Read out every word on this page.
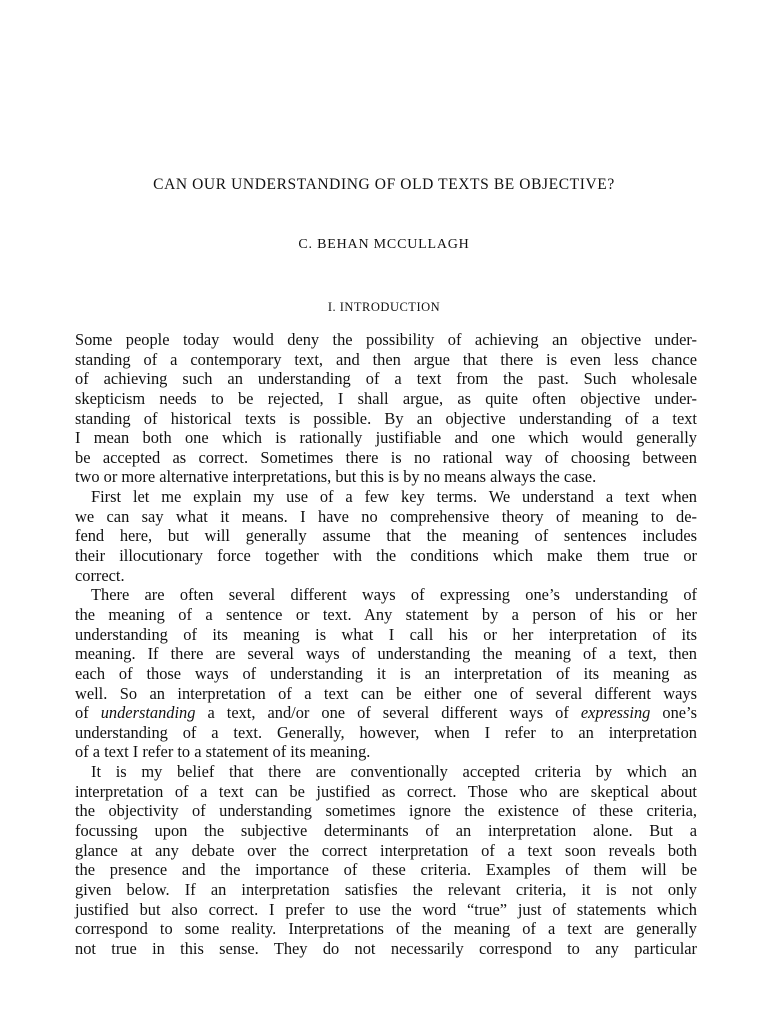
CAN OUR UNDERSTANDING OF OLD TEXTS BE OBJECTIVE?
C. BEHAN MCCULLAGH
I. INTRODUCTION
Some people today would deny the possibility of achieving an objective under-
standing of a contemporary text, and then argue that there is even less chance
of achieving such an understanding of a text from the past. Such wholesale
skepticism needs to be rejected, I shall argue, as quite often objective under-
standing of historical texts is possible. By an objective understanding of a text
I mean both one which is rationally justifiable and one which would generally
be accepted as correct. Sometimes there is no rational way of choosing between
two or more alternative interpretations, but this is by no means always the case.
First let me explain my use of a few key terms. We understand a text when
we can say what it means. I have no comprehensive theory of meaning to de-
fend here, but will generally assume that the meaning of sentences includes
their illocutionary force together with the conditions which make them true or
correct.
There are often several different ways of expressing one’s understanding of
the meaning of a sentence or text. Any statement by a person of his or her
understanding of its meaning is what I call his or her interpretation of its
meaning. If there are several ways of understanding the meaning of a text, then
each of those ways of understanding it is an interpretation of its meaning as
well. So an interpretation of a text can be either one of several different ways
of understanding a text, and/or one of several different ways of expressing one’s
understanding of a text. Generally, however, when I refer to an interpretation
of a text I refer to a statement of its meaning.
It is my belief that there are conventionally accepted criteria by which an
interpretation of a text can be justified as correct. Those who are skeptical about
the objectivity of understanding sometimes ignore the existence of these criteria,
focussing upon the subjective determinants of an interpretation alone. But a
glance at any debate over the correct interpretation of a text soon reveals both
the presence and the importance of these criteria. Examples of them will be
given below. If an interpretation satisfies the relevant criteria, it is not only
justified but also correct. I prefer to use the word “true” just of statements which
correspond to some reality. Interpretations of the meaning of a text are generally
not true in this sense. They do not necessarily correspond to any particular
